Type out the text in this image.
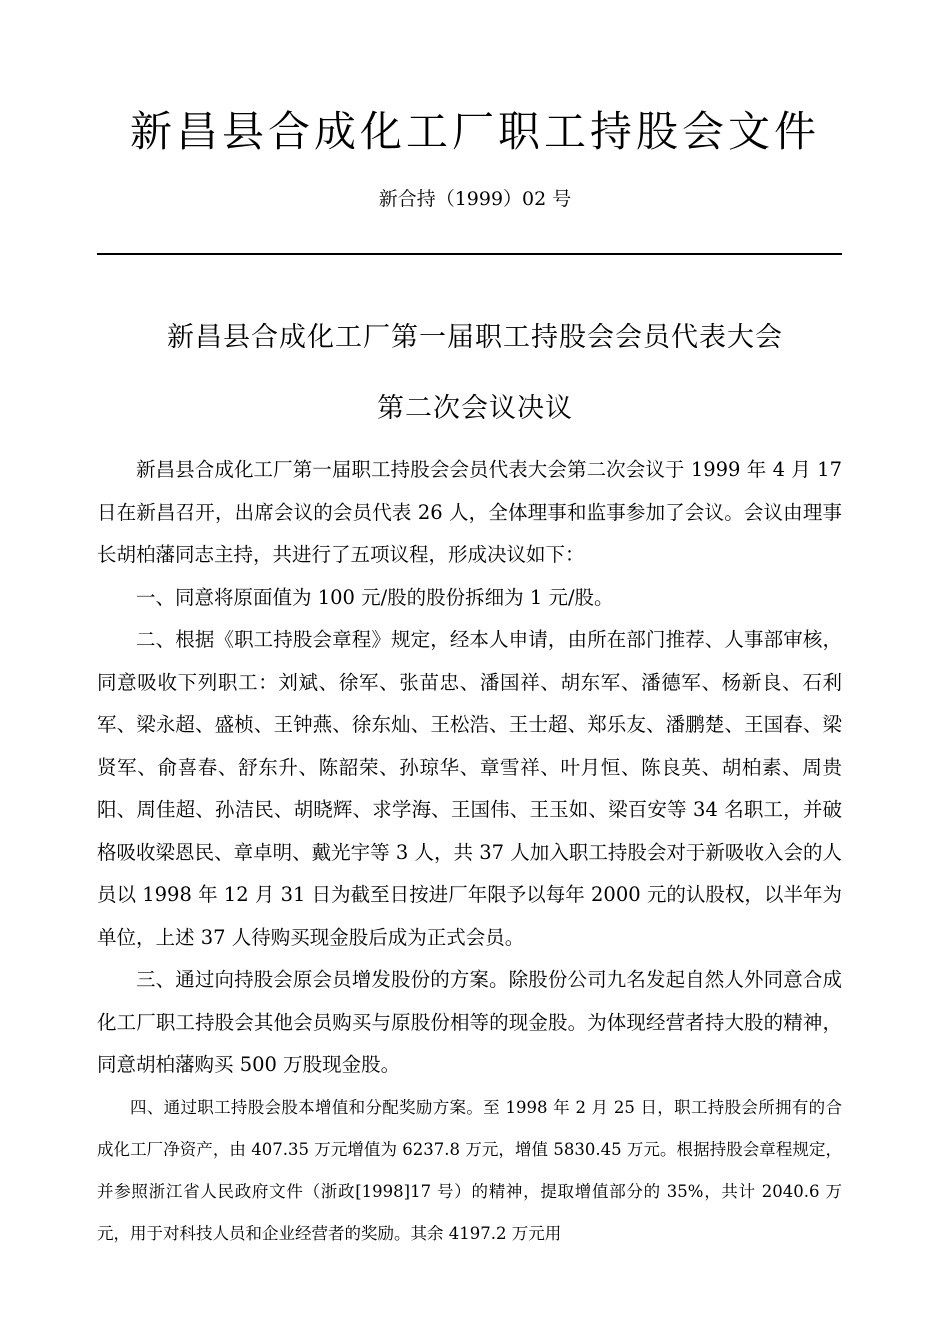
新昌县合成化工厂职工持股会文件
新合持（1999）02 号
新昌县合成化工厂第一届职工持股会会员代表大会
第二次会议决议

新昌县合成化工厂第一届职工持股会会员代表大会第二次会议于 1999 年 4 月 17 日在新昌召开，出席会议的会员代表 26 人，全体理事和监事参加了会议。会议由理事长胡柏藩同志主持，共进行了五项议程，形成决议如下：

一、同意将原面值为 100 元/股的股份拆细为 1 元/股。

二、根据《职工持股会章程》规定，经本人申请，由所在部门推荐、人事部审核，同意吸收下列职工：刘斌、徐军、张苗忠、潘国祥、胡东军、潘德军、杨新良、石利军、梁永超、盛桢、王钟燕、徐东灿、王松浩、王士超、郑乐友、潘鹏楚、王国春、梁贤军、俞喜春、舒东升、陈韶荣、孙琼华、章雪祥、叶月恒、陈良英、胡柏素、周贵阳、周佳超、孙洁民、胡晓辉、求学海、王国伟、王玉如、梁百安等 34 名职工，并破格吸收梁恩民、章卓明、戴光宇等 3 人，共 37 人加入职工持股会对于新吸收入会的人员以 1998 年 12 月 31 日为截至日按进厂年限予以每年 2000 元的认股权，以半年为单位，上述 37 人待购买现金股后成为正式会员。

三、通过向持股会原会员增发股份的方案。除股份公司九名发起自然人外同意合成化工厂职工持股会其他会员购买与原股份相等的现金股。为体现经营者持大股的精神，同意胡柏藩购买 500 万股现金股。

四、通过职工持股会股本增值和分配奖励方案。至 1998 年 2 月 25 日，职工持股会所拥有的合成化工厂净资产，由 407.35 万元增值为 6237.8 万元，增值 5830.45 万元。根据持股会章程规定，并参照浙江省人民政府文件（浙政[1998]17 号）的精神，提取增值部分的 35%，共计 2040.6 万元，用于对科技人员和企业经营者的奖励。其余 4197.2 万元用
